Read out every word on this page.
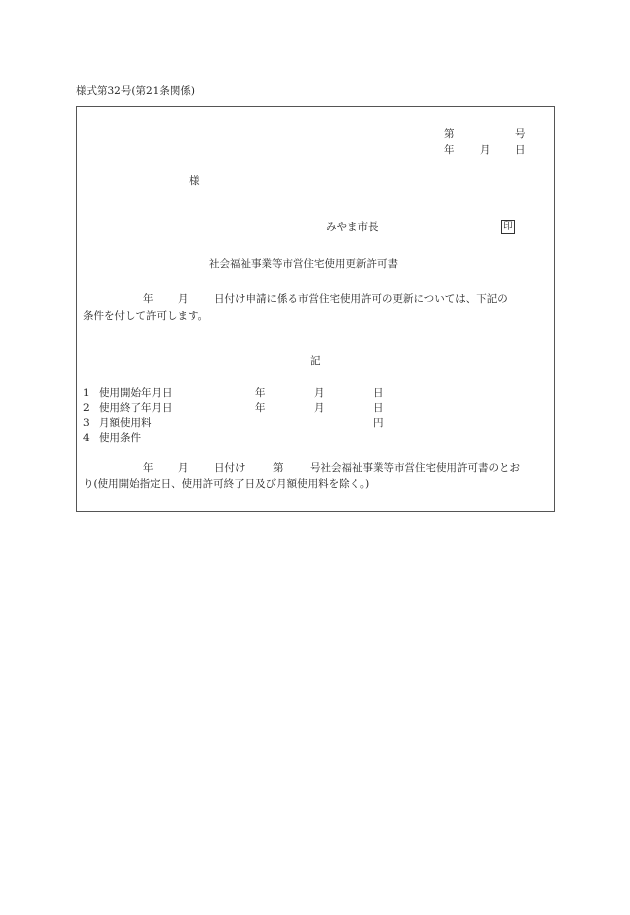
様式第32号(第21条関係)
第	号
年 月 日
様
みやま市長	印
社会福祉事業等市営住宅使用更新許可書
年 月 日付け申請に係る市営住宅使用許可の更新については、下記の
条件を付して許可します。
記
1 使用開始年月日	年	月	日
2 使用終了年月日	年	月	日
3 月額使用料	円
4 使用条件
年 月 日付け	第	号社会福祉事業等市営住宅使用許可書のとお
り(使用開始指定日、使用許可終了日及び月額使用料を除く。)
